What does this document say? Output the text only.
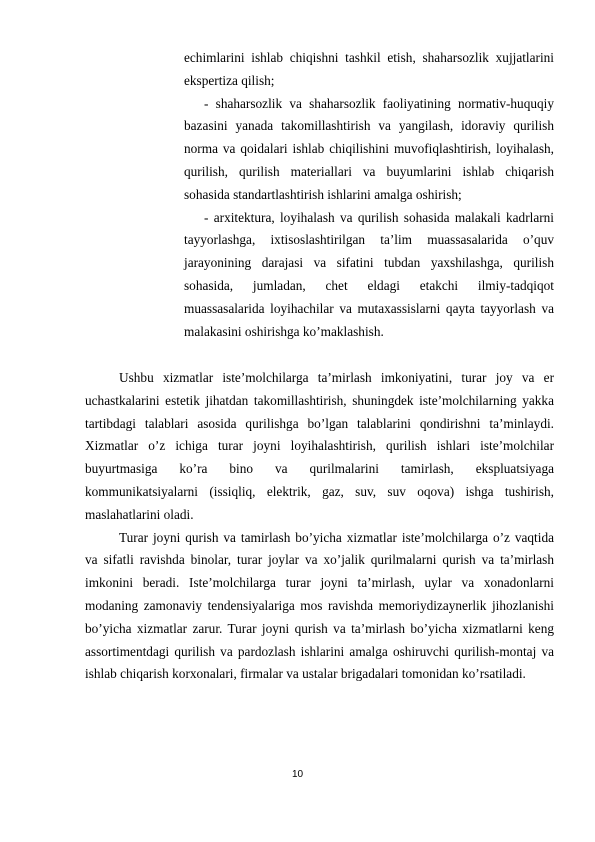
echimlarini ishlab chiqishni tashkil etish, shaharsozlik xujjatlarini ekspertiza qilish;

- shaharsozlik va shaharsozlik faoliyatining normativ-huquqiy bazasini yanada takomillashtirish va yangilash, idoraviy qurilish norma va qoidalari ishlab chiqilishini muvofiqlashtirish, loyihalash, qurilish, qurilish materiallari va buyumlarini ishlab chiqarish sohasida standartlashtirish ishlarini amalga oshirish;

- arxitektura, loyihalash va qurilish sohasida malakali kadrlarni tayyorlashga, ixtisoslashtirilgan ta’lim muassasalarida o’quv jarayonining darajasi va sifatini tubdan yaxshilashga, qurilish sohasida, jumladan, chet eldagi etakchi ilmiy-tadqiqot muassasalarida loyihachilar va mutaxassislarni qayta tayyorlash va malakasini oshirishga ko’maklashish.

Ushbu xizmatlar iste’molchilarga ta’mirlash imkoniyatini, turar joy va er uchastkalarini estetik jihatdan takomillashtirish, shuningdek iste’molchilarning yakka tartibdagi talablari asosida qurilishga bo’lgan talablarini qondirishni ta’minlaydi. Xizmatlar o’z ichiga turar joyni loyihalashtirish, qurilish ishlari iste’molchilar buyurtmasiga ko’ra bino va qurilmalarini tamirlash, ekspluatsiyaga kommunikatsiyalarni (issiqliq, elektrik, gaz, suv, suv oqova) ishga tushirish, maslahatlarini oladi.

Turar joyni qurish va tamirlash bo’yicha xizmatlar iste’molchilarga o’z vaqtida va sifatli ravishda binolar, turar joylar va xo’jalik qurilmalarni qurish va ta’mirlash imkonini beradi. Iste’molchilarga turar joyni ta’mirlash, uylar va xonadonlarni modaning zamonaviy tendensiyalariga mos ravishda memoriydizaynerlik jihozlanishi bo’yicha xizmatlar zarur. Turar joyni qurish va ta’mirlash bo’yicha xizmatlarni keng assortimentdagi qurilish va pardozlash ishlarini amalga oshiruvchi qurilish-montaj va ishlab chiqarish korxonalari, firmalar va ustalar brigadalari tomonidan ko’rsatiladi.

10
